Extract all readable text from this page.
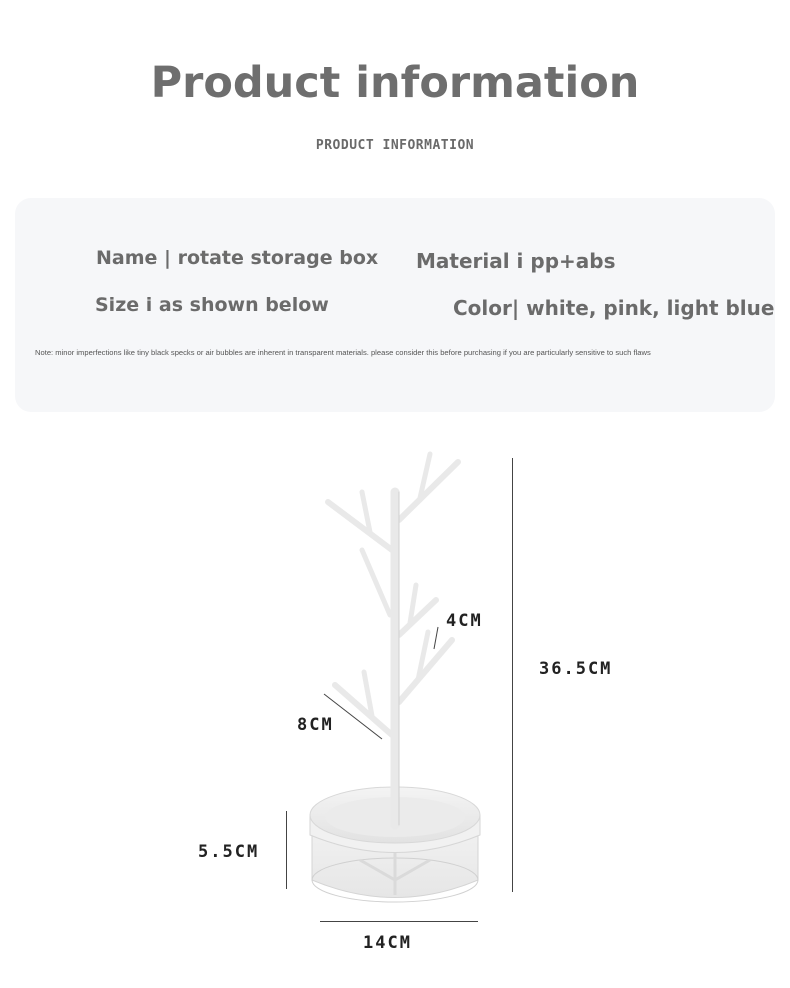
Product information
PRODUCT INFORMATION
Name | rotate storage box Material i pp+abs
Size i as shown below	Color| white, pink, light blue
Note: minor imperfections like tiny black specks or air bubbles are inherent in transparent materials. please consider this before purchasing if you are particularly sensitive to such flaws
36.5CM
4CM
8CM
5.5CM
14CM
